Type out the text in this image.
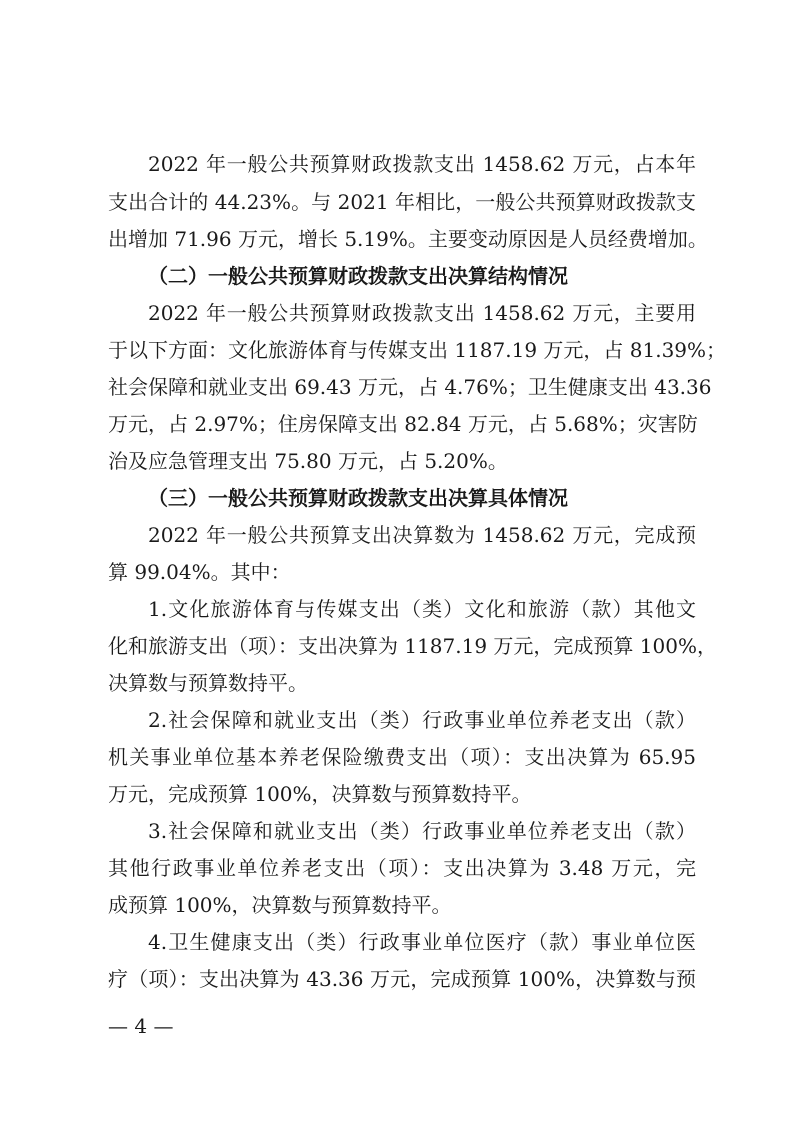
2022 年一般公共预算财政拨款支出 1458.62 万元，占本年
支出合计的 44.23%。与 2021 年相比，一般公共预算财政拨款支
出增加 71.96 万元，增长 5.19%。主要变动原因是人员经费增加。
（二）一般公共预算财政拨款支出决算结构情况
2022 年一般公共预算财政拨款支出 1458.62 万元，主要用
于以下方面：文化旅游体育与传媒支出 1187.19 万元，占 81.39%；
社会保障和就业支出 69.43 万元，占 4.76%；卫生健康支出 43.36
万元，占 2.97%；住房保障支出 82.84 万元，占 5.68%；灾害防
治及应急管理支出 75.80 万元，占 5.20%。
（三）一般公共预算财政拨款支出决算具体情况
2022 年一般公共预算支出决算数为 1458.62 万元，完成预
算 99.04%。其中：
1.文化旅游体育与传媒支出（类）文化和旅游（款）其他文
化和旅游支出（项）：支出决算为 1187.19 万元，完成预算 100%，
决算数与预算数持平。
2.社会保障和就业支出（类）行政事业单位养老支出（款）
机关事业单位基本养老保险缴费支出（项）：支出决算为 65.95
万元，完成预算 100%，决算数与预算数持平。
3.社会保障和就业支出（类）行政事业单位养老支出（款）
其他行政事业单位养老支出（项）：支出决算为 3.48 万元，完
成预算 100%，决算数与预算数持平。
4.卫生健康支出（类）行政事业单位医疗（款）事业单位医
疗（项）：支出决算为 43.36 万元，完成预算 100%，决算数与预
— 4 —
